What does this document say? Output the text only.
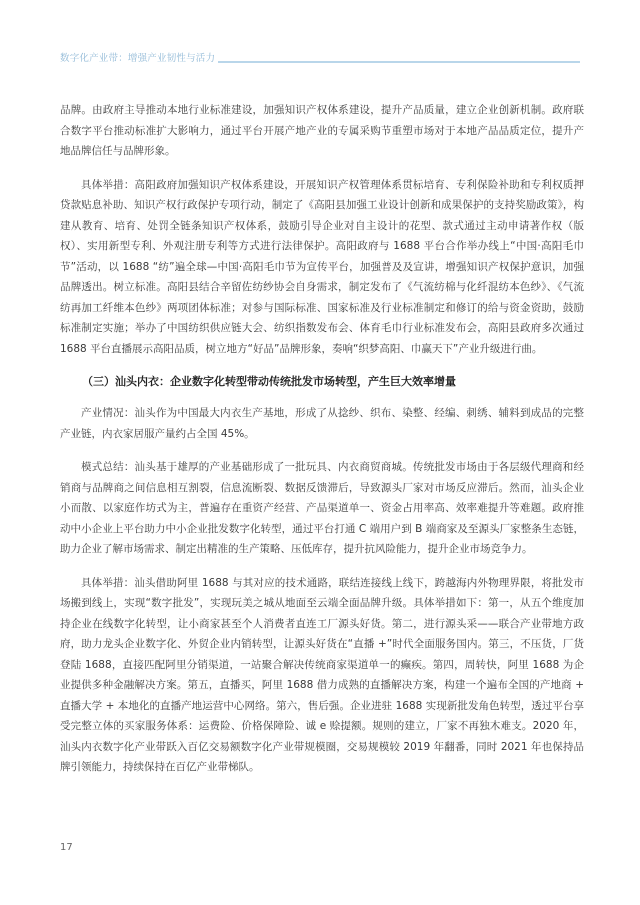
数字化产业带：增强产业韧性与活力

品牌。由政府主导推动本地行业标准建设，加强知识产权体系建设，提升产品质量，建立企业创新机制。政府联合数字平台推动标准扩大影响力，通过平台开展产地产业的专属采购节重塑市场对于本地产品品质定位，提升产地品牌信任与品牌形象。

具体举措：高阳政府加强知识产权体系建设，开展知识产权管理体系贯标培育、专利保险补助和专利权质押贷款贴息补助、知识产权行政保护专项行动，制定了《高阳县加强工业设计创新和成果保护的支持奖励政策》，构建从教育、培育、处罚全链条知识产权体系，鼓励引导企业对自主设计的花型、款式通过主动申请著作权（版权）、实用新型专利、外观注册专利等方式进行法律保护。高阳政府与 1688 平台合作举办线上“中国·高阳毛巾节”活动，以 1688 “纺”遍全球—中国·高阳毛巾节为宣传平台，加强普及及宣讲，增强知识产权保护意识，加强品牌透出。树立标准。高阳县结合辛留佐纺纱协会自身需求，制定发布了《气流纺棉与化纤混纺本色纱》、《气流纺再加工纤维本色纱》两项团体标准；对参与国际标准、国家标准及行业标准制定和修订的给与资金资助，鼓励标准制定实施；举办了中国纺织供应链大会、纺织指数发布会、体育毛巾行业标准发布会，高阳县政府多次通过 1688 平台直播展示高阳品质，树立地方“好品”品牌形象，奏响“织梦高阳、巾赢天下”产业升级进行曲。

（三）汕头内衣：企业数字化转型带动传统批发市场转型，产生巨大效率增量

产业情况：汕头作为中国最大内衣生产基地，形成了从捻纱、织布、染整、经编、刺绣、辅料到成品的完整产业链，内衣家居服产量约占全国 45%。

模式总结：汕头基于雄厚的产业基础形成了一批玩具、内衣商贸商城。传统批发市场由于各层级代理商和经销商与品牌商之间信息相互割裂，信息流断裂、数据反馈滞后，导致源头厂家对市场反应滞后。然而，汕头企业小而散、以家庭作坊式为主，普遍存在重资产经营、产品渠道单一、资金占用率高、效率难提升等难题。政府推动中小企业上平台助力中小企业批发数字化转型，通过平台打通 C 端用户到 B 端商家及至源头厂家整条生态链，助力企业了解市场需求、制定出精准的生产策略、压低库存，提升抗风险能力，提升企业市场竞争力。

具体举措：汕头借助阿里 1688 与其对应的技术通路，联结连接线上线下，跨越海内外物理界限，将批发市场搬到线上，实现“数字批发”，实现玩美之城从地面至云端全面品牌升级。具体举措如下：第一，从五个维度加持企业在线数字化转型，让小商家甚至个人消费者直连工厂源头好货。第二，进行源头采——联合产业带地方政府，助力龙头企业数字化、外贸企业内销转型，让源头好货在“直播 +”时代全面服务国内。第三，不压货，厂货登陆 1688，直接匹配阿里分销渠道，一站聚合解决传统商家渠道单一的癫疾。第四，周转快，阿里 1688 为企业提供多种金融解决方案。第五，直播买，阿里 1688 借力成熟的直播解决方案，构建一个遍布全国的产地商 + 直播大学 + 本地化的直播产地运营中心网络。第六，售后强。企业进驻 1688 实现新批发角色转型，透过平台享受完整立体的买家服务体系：运费险、价格保障险、诚 e 赊提额。规则的建立，厂家不再独木难支。2020 年，汕头内衣数字化产业带跃入百亿交易额数字化产业带规模圈，交易规模较 2019 年翻番，同时 2021 年也保持品牌引领能力，持续保持在百亿产业带梯队。

17
